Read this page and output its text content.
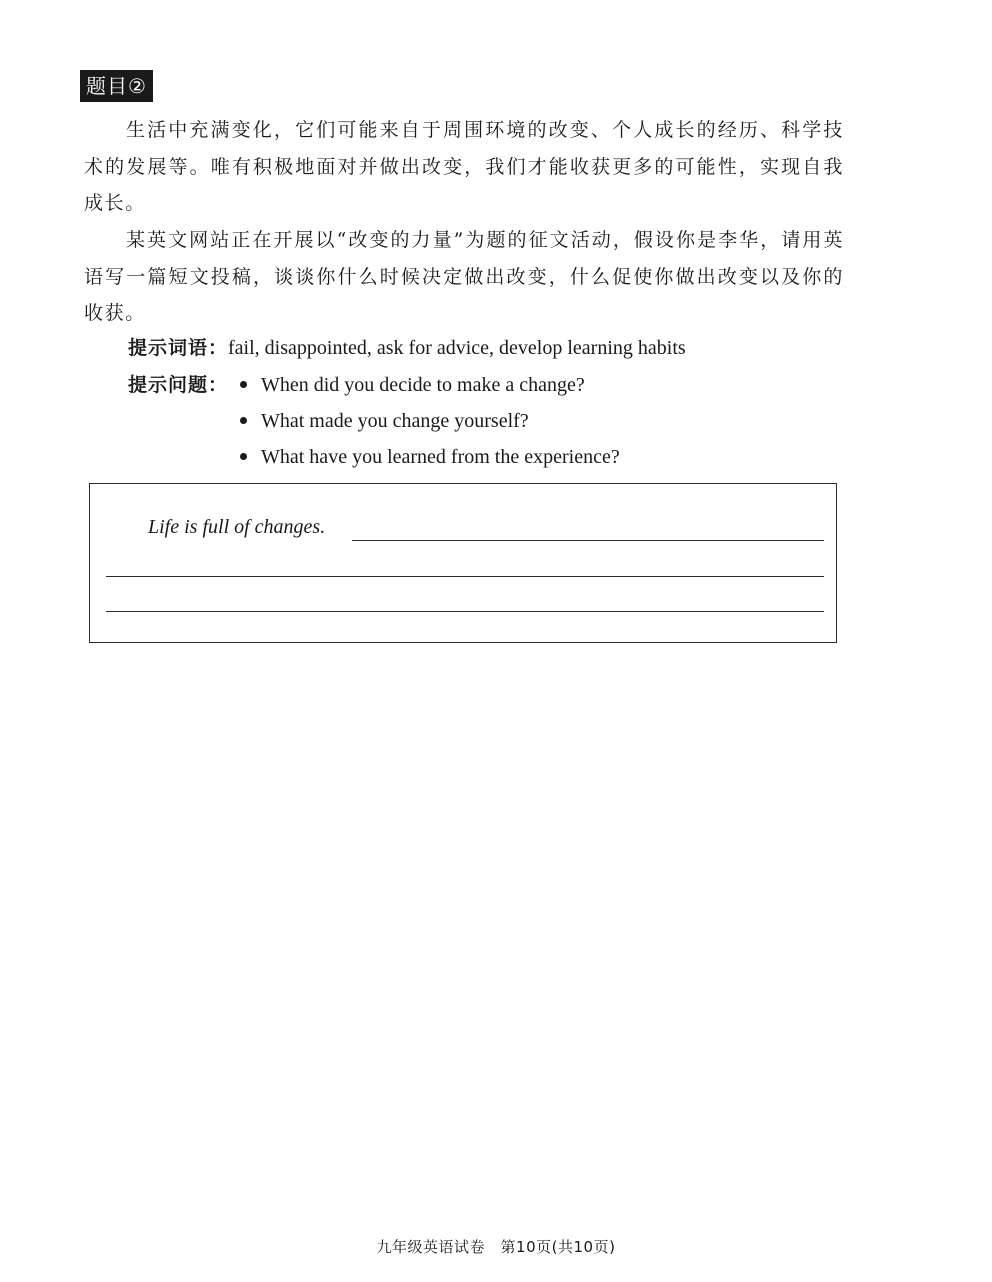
题目②

生活中充满变化，它们可能来自于周围环境的改变、个人成长的经历、科学技术的发展等。唯有积极地面对并做出改变，我们才能收获更多的可能性，实现自我成长。

某英文网站正在开展以“改变的力量”为题的征文活动，假设你是李华，请用英语写一篇短文投稿，谈谈你什么时候决定做出改变，什么促使你做出改变以及你的收获。

提示词语：fail, disappointed, ask for advice, develop learning habits
提示问题：	When did you decide to make a change?
What made you change yourself?
What have you learned from the experience?
Life is full of changes.
九年级英语试卷　第10页(共10页)
